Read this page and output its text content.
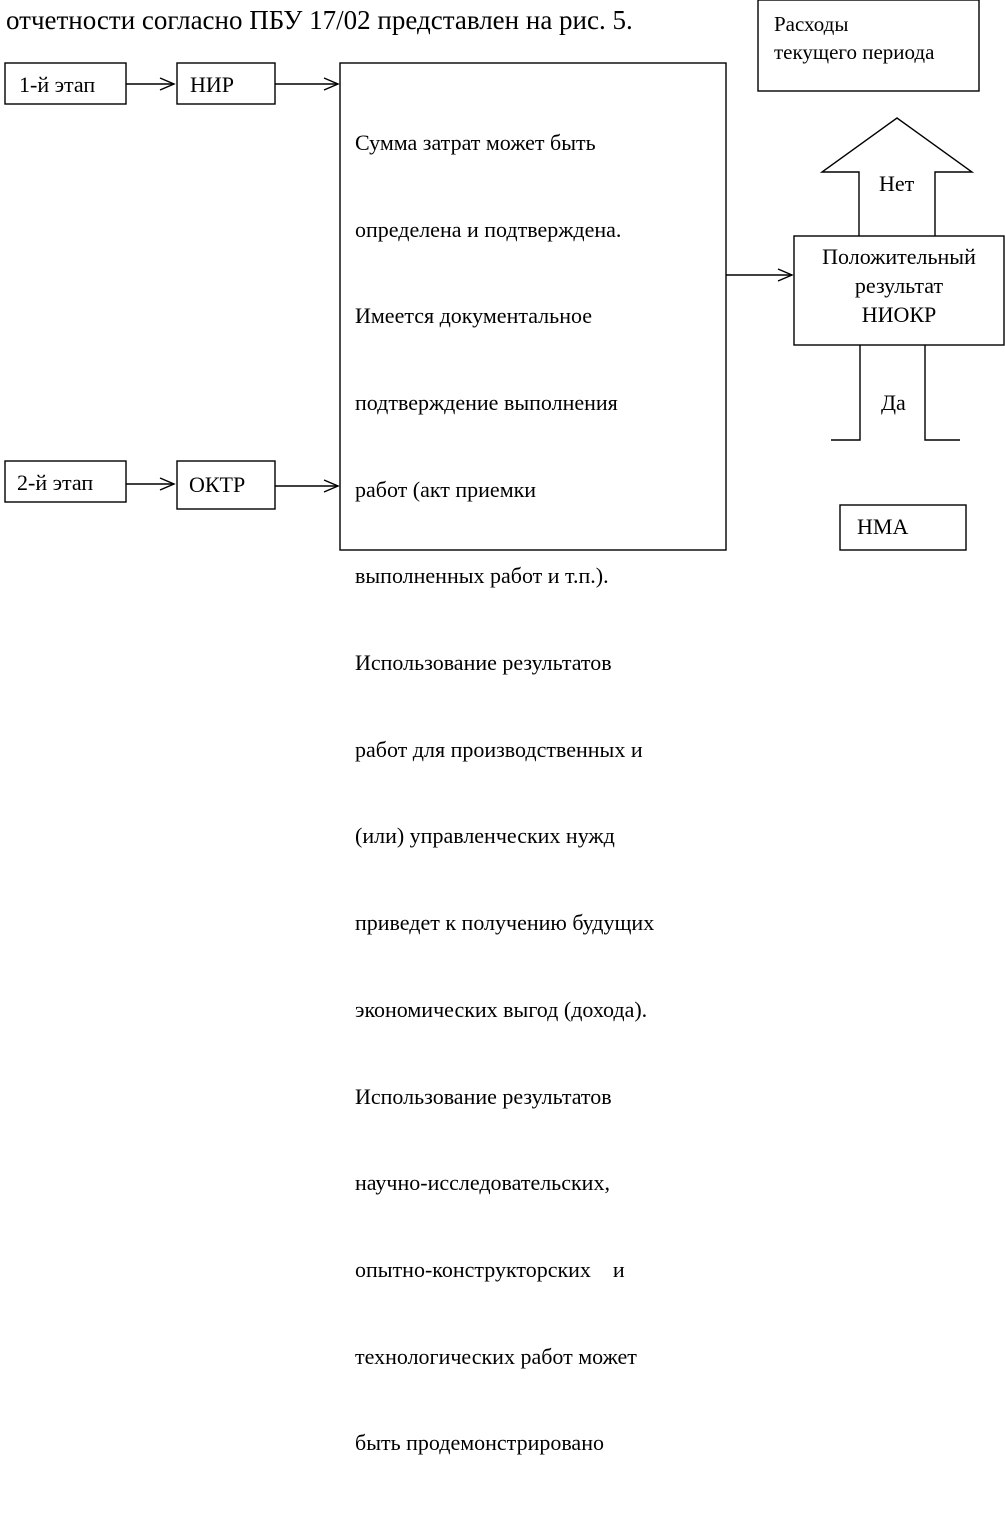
отчетности согласно ПБУ 17/02 представлен на рис. 5.
1-й этап	НИР
2-й этап	ОКТР

Сумма затрат может быть

определена и подтверждена.

Имеется документальное

подтверждение выполнения

работ (акт приемки

выполненных работ и т.п.).

Использование результатов

работ для производственных и

(или) управленческих нужд

приведет к получению будущих

экономических выгод (дохода).

Использование результатов

научно-исследовательских,

опытно-конструкторских    и

технологических работ может

быть продемонстрировано

Положительный
результат
НИОКР
Расходы
текущего периода
Нет
Да
НМА
